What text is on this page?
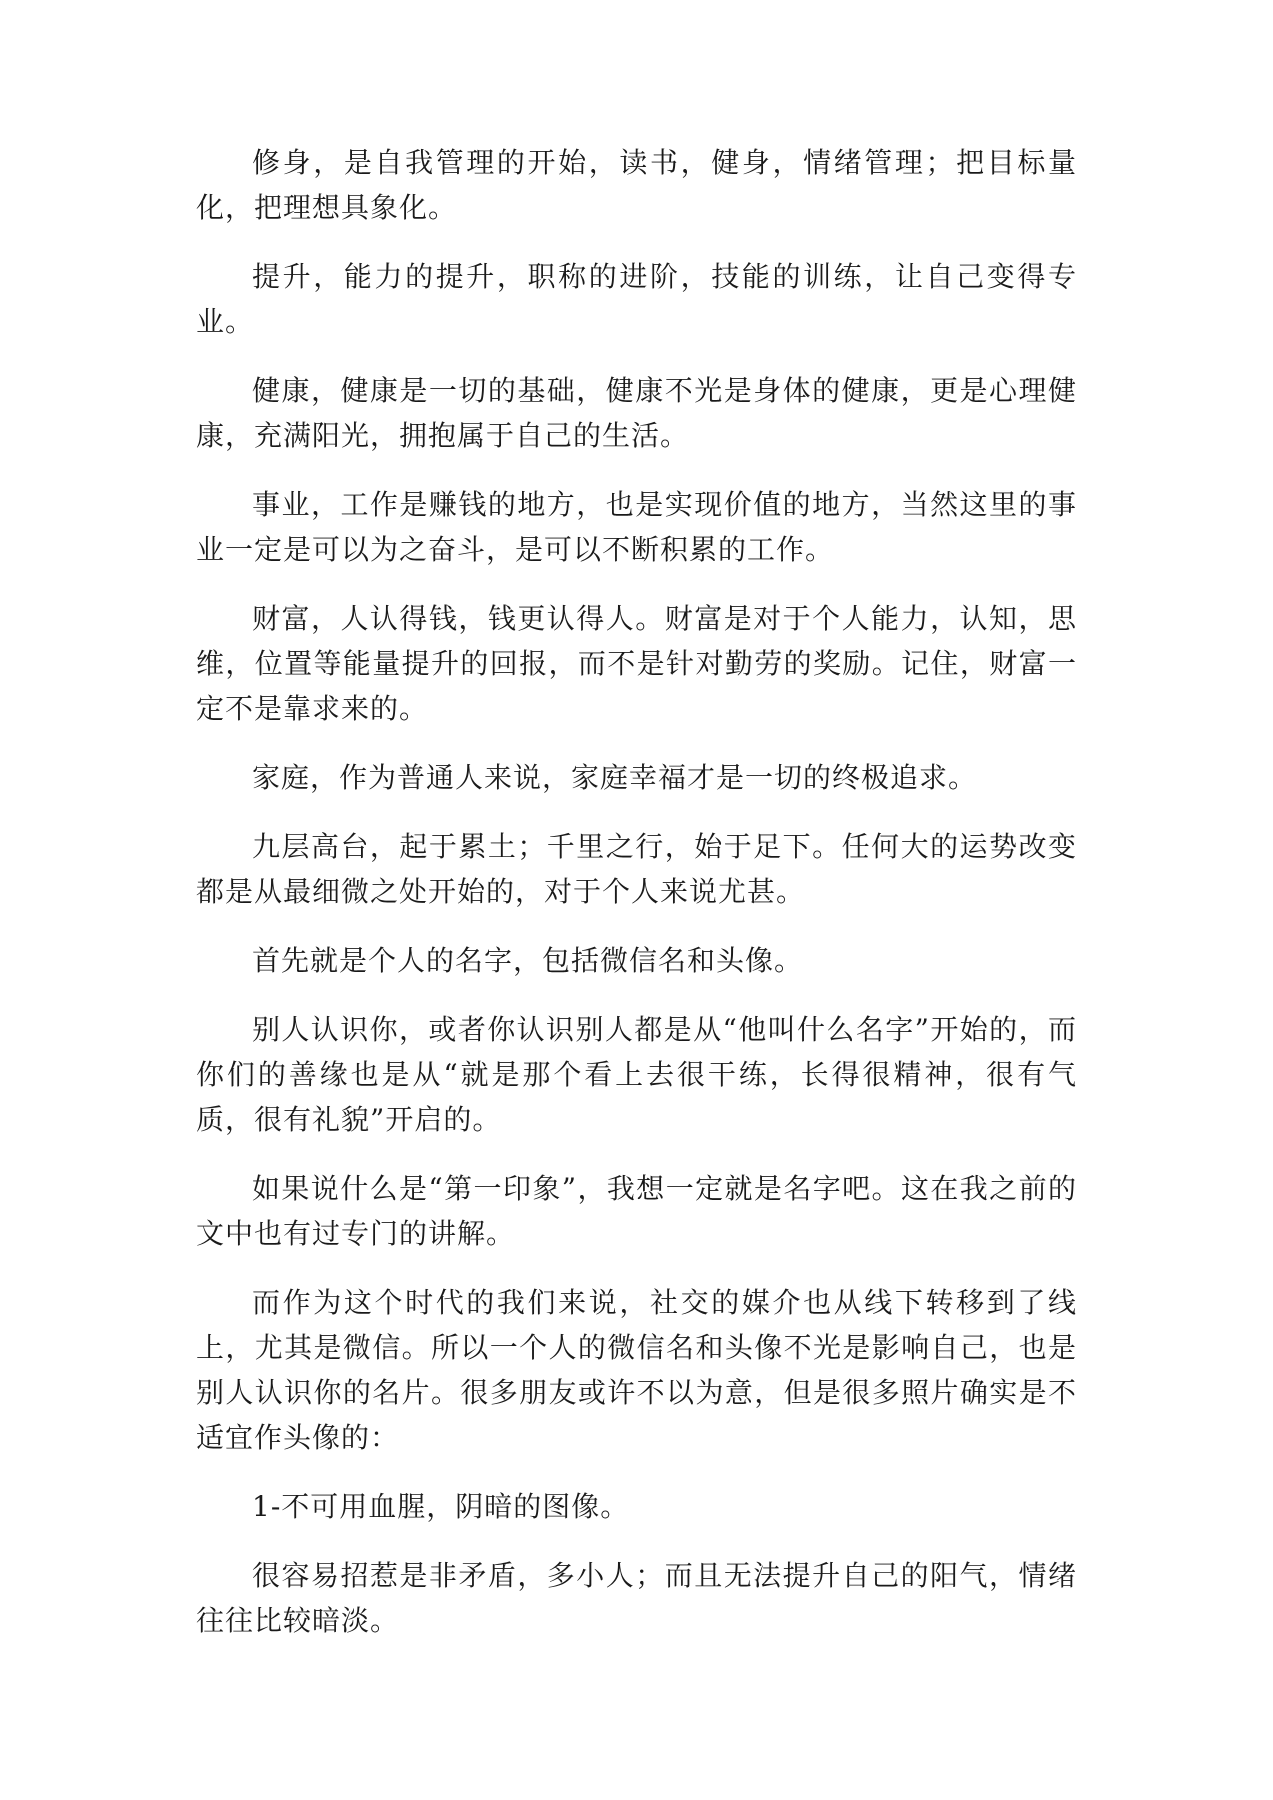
修身，是自我管理的开始，读书，健身，情绪管理；把目标量化，把理想具象化。

提升，能力的提升，职称的进阶，技能的训练，让自己变得专业。

健康，健康是一切的基础，健康不光是身体的健康，更是心理健康，充满阳光，拥抱属于自己的生活。

事业，工作是赚钱的地方，也是实现价值的地方，当然这里的事业一定是可以为之奋斗，是可以不断积累的工作。

财富，人认得钱，钱更认得人。财富是对于个人能力，认知，思维，位置等能量提升的回报，而不是针对勤劳的奖励。记住，财富一定不是靠求来的。

家庭，作为普通人来说，家庭幸福才是一切的终极追求。

九层高台，起于累土；千里之行，始于足下。任何大的运势改变都是从最细微之处开始的，对于个人来说尤甚。

首先就是个人的名字，包括微信名和头像。

别人认识你，或者你认识别人都是从“他叫什么名字”开始的，而你们的善缘也是从“就是那个看上去很干练，长得很精神，很有气质，很有礼貌”开启的。

如果说什么是“第一印象”，我想一定就是名字吧。这在我之前的文中也有过专门的讲解。

而作为这个时代的我们来说，社交的媒介也从线下转移到了线上，尤其是微信。所以一个人的微信名和头像不光是影响自己，也是别人认识你的名片。很多朋友或许不以为意，但是很多照片确实是不适宜作头像的：

1-不可用血腥，阴暗的图像。

很容易招惹是非矛盾，多小人；而且无法提升自己的阳气，情绪往往比较暗淡。
